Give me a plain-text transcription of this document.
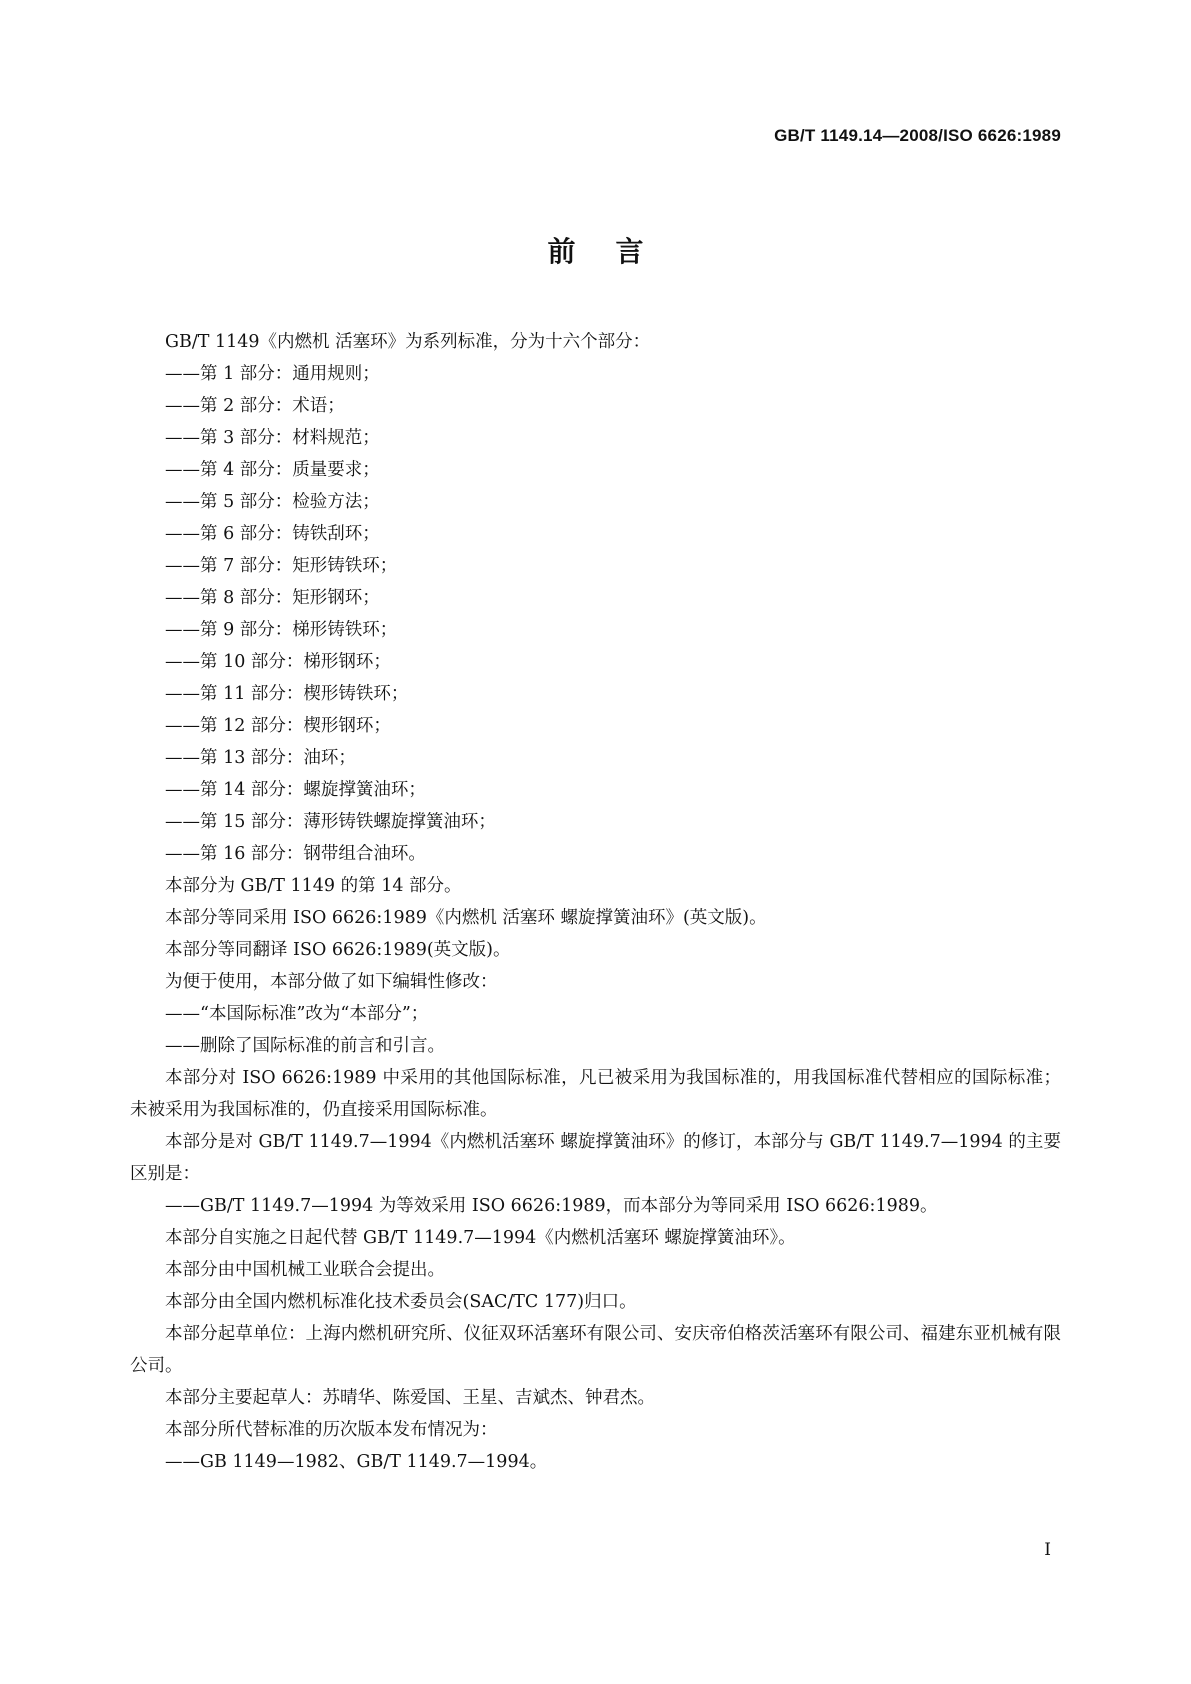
GB/T 1149.14—2008/ISO 6626:1989
前言

GB/T 1149《内燃机 活塞环》为系列标准，分为十六个部分：

——第 1 部分：通用规则；

——第 2 部分：术语；

——第 3 部分：材料规范；

——第 4 部分：质量要求；

——第 5 部分：检验方法；

——第 6 部分：铸铁刮环；

——第 7 部分：矩形铸铁环；

——第 8 部分：矩形钢环；

——第 9 部分：梯形铸铁环；

——第 10 部分：梯形钢环；

——第 11 部分：楔形铸铁环；

——第 12 部分：楔形钢环；

——第 13 部分：油环；

——第 14 部分：螺旋撑簧油环；

——第 15 部分：薄形铸铁螺旋撑簧油环；

——第 16 部分：钢带组合油环。

本部分为 GB/T 1149 的第 14 部分。

本部分等同采用 ISO 6626:1989《内燃机 活塞环 螺旋撑簧油环》(英文版)。

本部分等同翻译 ISO 6626:1989(英文版)。

为便于使用，本部分做了如下编辑性修改：

——“本国际标准”改为“本部分”；

——删除了国际标准的前言和引言。

本部分对 ISO 6626:1989 中采用的其他国际标准，凡已被采用为我国标准的，用我国标准代替相应的国际标准；未被采用为我国标准的，仍直接采用国际标准。

本部分是对 GB/T 1149.7—1994《内燃机活塞环 螺旋撑簧油环》的修订，本部分与 GB/T 1149.7—1994 的主要区别是：

——GB/T 1149.7—1994 为等效采用 ISO 6626:1989，而本部分为等同采用 ISO 6626:1989。

本部分自实施之日起代替 GB/T 1149.7—1994《内燃机活塞环 螺旋撑簧油环》。

本部分由中国机械工业联合会提出。

本部分由全国内燃机标准化技术委员会(SAC/TC 177)归口。

本部分起草单位：上海内燃机研究所、仪征双环活塞环有限公司、安庆帝伯格茨活塞环有限公司、福建东亚机械有限公司。

本部分主要起草人：苏晴华、陈爱国、王星、吉斌杰、钟君杰。

本部分所代替标准的历次版本发布情况为：

——GB 1149—1982、GB/T 1149.7—1994。

I
